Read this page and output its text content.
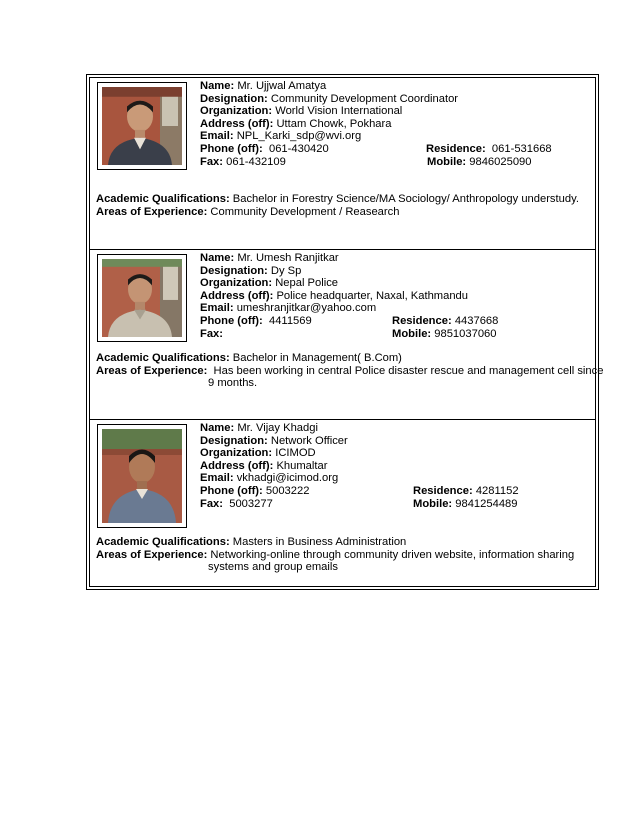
Name: Mr. Ujjwal Amatya
Designation: Community Development Coordinator
Organization: World Vision International
Address (off): Uttam Chowk, Pokhara
Email: NPL_Karki_sdp@wvi.org
Phone (off): 061-430420	Residence: 061-531668
Fax: 061-432109	Mobile: 9846025090
Academic Qualifications: Bachelor in Forestry Science/MA Sociology/ Anthropology understudy.
Areas of Experience: Community Development / Reasearch
Name: Mr. Umesh Ranjitkar
Designation: Dy Sp
Organization: Nepal Police
Address (off): Police headquarter, Naxal, Kathmandu
Email: umeshranjitkar@yahoo.com
Phone (off): 4411569	Residence: 4437668
Fax:	Mobile: 9851037060
Academic Qualifications: Bachelor in Management( B.Com)
Areas of Experience: Has been working in central Police disaster rescue and management cell since
9 months.
Name: Mr. Vijay Khadgi
Designation: Network Officer
Organization: ICIMOD
Address (off): Khumaltar
Email: vkhadgi@icimod.org
Phone (off): 5003222	Residence: 4281152
Fax: 5003277	Mobile: 9841254489
Academic Qualifications: Masters in Business Administration
Areas of Experience: Networking-online through community driven website, information sharing
systems and group emails
